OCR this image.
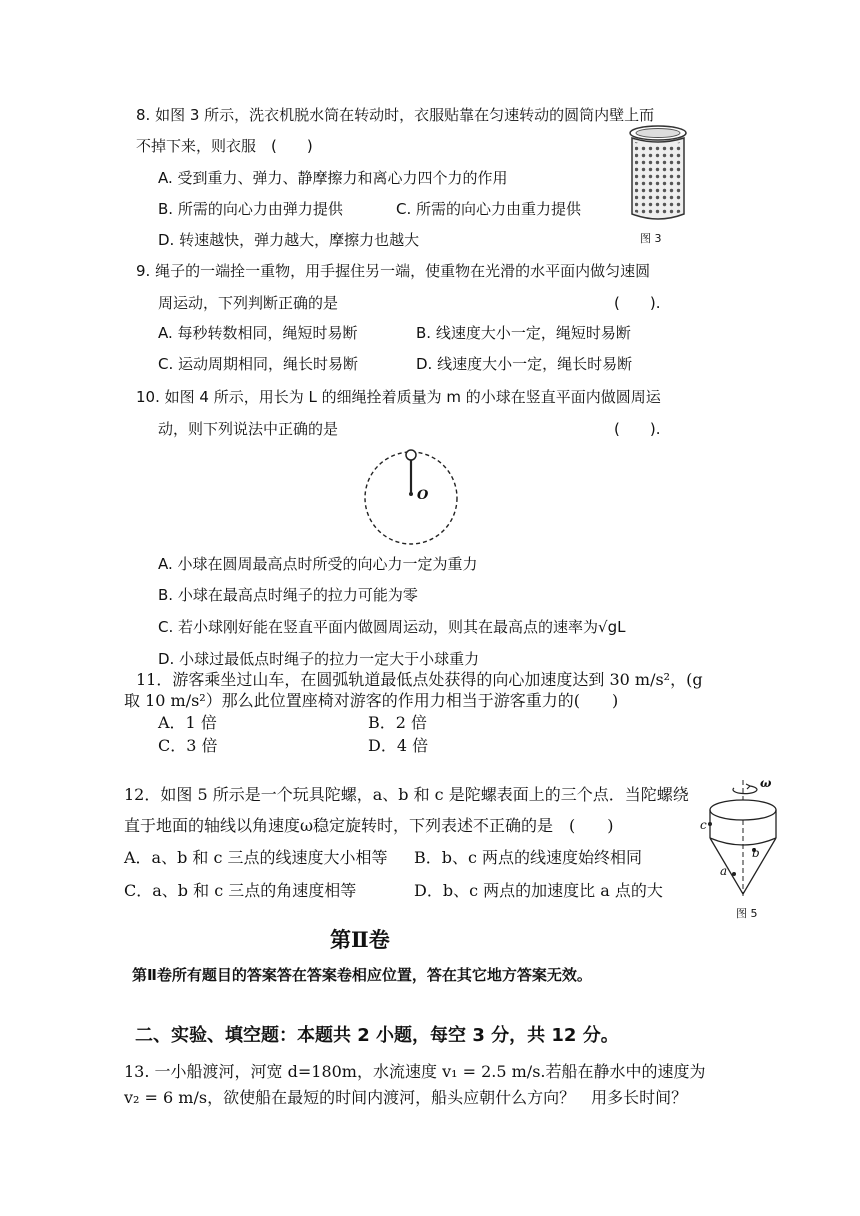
8. 如图 3 所示，洗衣机脱水筒在转动时，衣服贴靠在匀速转动的圆筒内壁上而
不掉下来，则衣服　(　　)
A. 受到重力、弹力、静摩擦力和离心力四个力的作用
B. 所需的向心力由弹力提供	C. 所需的向心力由重力提供
D. 转速越快，弹力越大，摩擦力也越大	图 3
9. 绳子的一端拴一重物，用手握住另一端，使重物在光滑的水平面内做匀速圆
周运动，下列判断正确的是	(　　).
A. 每秒转数相同，绳短时易断	B. 线速度大小一定，绳短时易断
C. 运动周期相同，绳长时易断	D. 线速度大小一定，绳长时易断
10. 如图 4 所示，用长为 L 的细绳拴着质量为 m 的小球在竖直平面内做圆周运
动，则下列说法中正确的是	(　　).
O
A. 小球在圆周最高点时所受的向心力一定为重力
B. 小球在最高点时绳子的拉力可能为零
C. 若小球刚好能在竖直平面内做圆周运动，则其在最高点的速率为√gL
D. 小球过最低点时绳子的拉力一定大于小球重力
11．游客乘坐过山车，在圆弧轨道最低点处获得的向心加速度达到 30 m/s²，(g
取 10 m/s²）那么此位置座椅对游客的作用力相当于游客重力的(　　)
A．1 倍	B．2 倍
C．3 倍	D．4 倍
12．如图 5 所示是一个玩具陀螺，a、b 和 c 是陀螺表面上的三个点．当陀螺绕
直于地面的轴线以角速度ω稳定旋转时，下列表述不正确的是　(　　)
A．a、b 和 c 三点的线速度大小相等 B．b、c 两点的线速度始终相同
C．a、b 和 c 三点的角速度相等	D．b、c 两点的加速度比 a 点的大
ω
c
b
a
图 5
第Ⅱ卷
第Ⅱ卷所有题目的答案答在答案卷相应位置，答在其它地方答案无效。
二、实验、填空题：本题共 2 小题，每空 3 分，共 12 分。
13. 一小船渡河，河宽 d=180m，水流速度 v₁ = 2.5 m/s.若船在静水中的速度为
v₂ = 6 m/s，欲使船在最短的时间内渡河，船头应朝什么方向？　用多长时间？
